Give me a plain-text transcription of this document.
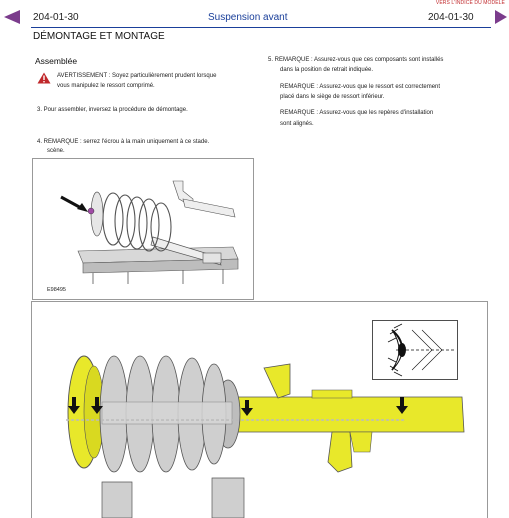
VERS L'INDICE DU MODELE
204-01-30	Suspension avant	204-01-30
DÉMONTAGE ET MONTAGE
Assemblée
AVERTISSEMENT : Soyez particulièrement prudent lorsque
vous manipulez le ressort comprimé.
3. Pour assembler, inversez la procédure de démontage.
4. REMARQUE : serrez l'écrou à la main uniquement à ce stade.
scène.
5. REMARQUE : Assurez-vous que ces composants sont installés
dans la position de retrait indiquée.
REMARQUE : Assurez-vous que le ressort est correctement
placé dans le siège de ressort inférieur.
REMARQUE : Assurez-vous que les repères d'installation
sont alignés.
E98495
